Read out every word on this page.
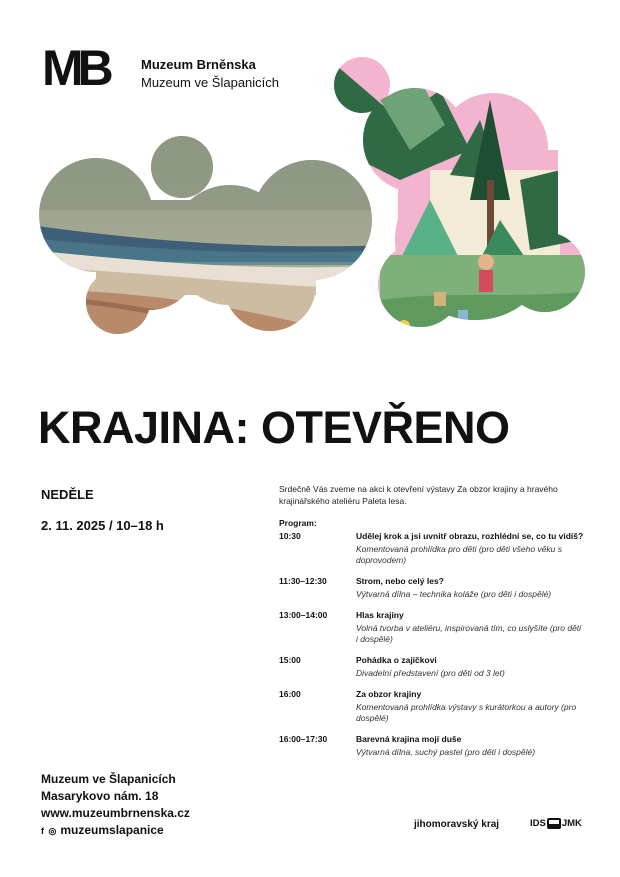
MB	Muzeum Brněnska
Muzeum ve Šlapanicích
KRAJINA: OTEVŘENO
NEDĚLE
2. 11. 2025 / 10–18 h
Srdečně Vás zveme na akci k otevření výstavy Za obzor krajiny a hravého krajinářského ateliéru Paleta lesa.
Program:
10:30	Udělej krok a jsi uvnitř obrazu, rozhlédni se, co tu vidíš?
Komentovaná prohlídka pro děti (pro děti všeho věku s doprovodem)
11:30–12:30	Strom, nebo celý les?
Výtvarná dílna – technika koláže (pro děti i dospělé)
13:00–14:00	Hlas krajiny
Volná tvorba v ateliéru, inspirovaná tím, co uslyšíte (pro děti i dospělé)
15:00	Pohádka o zajíčkovi
Divadelní představení (pro děti od 3 let)
16:00	Za obzor krajiny
Komentovaná prohlídka výstavy s kurátorkou a autory (pro dospělé)
16:00–17:30	Barevná krajina mojí duše
Výtvarná dílna, suchý pastel (pro děti i dospělé)
Muzeum ve Šlapanicích
Masarykovo nám. 18
www.muzeumbrnenska.cz
f ◎ muzeumslapanice	jihomoravský kraj	IDS JMK
